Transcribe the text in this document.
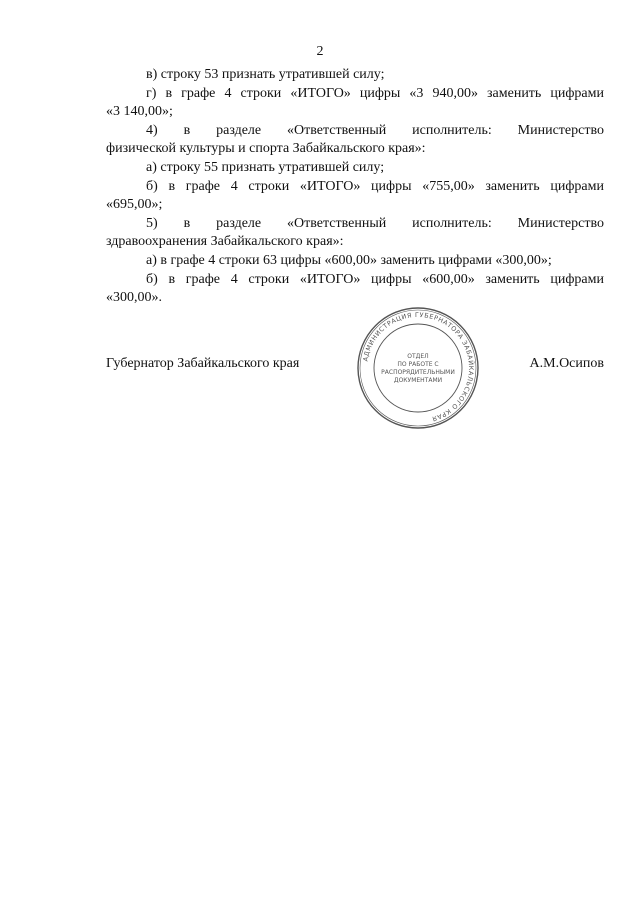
2

в) строку 53 признать утратившей силу;

г) в графе 4 строки «ИТОГО» цифры «3 940,00» заменить цифрами

«3 140,00»;

4) в разделе «Ответственный исполнитель: Министерство

физической культуры и спорта Забайкальского края»:

а) строку 55 признать утратившей силу;

б) в графе 4 строки «ИТОГО» цифры «755,00» заменить цифрами

«695,00»;

5) в разделе «Ответственный исполнитель: Министерство

здравоохранения Забайкальского края»:

а) в графе 4 строки 63 цифры «600,00» заменить цифрами «300,00»;

б) в графе 4 строки «ИТОГО» цифры «600,00» заменить цифрами

«300,00».

Губернатор Забайкальского края	АДМИНИСТРАЦИЯ ГУБЕРНАТОРА ЗАБАЙКАЛЬСКОГО КРАЯ
ОТДЕЛ
ПО РАБОТЕ С
РАСПОРЯДИТЕЛЬНЫМИ
ДОКУМЕНТАМИ
А.М.Осипов
